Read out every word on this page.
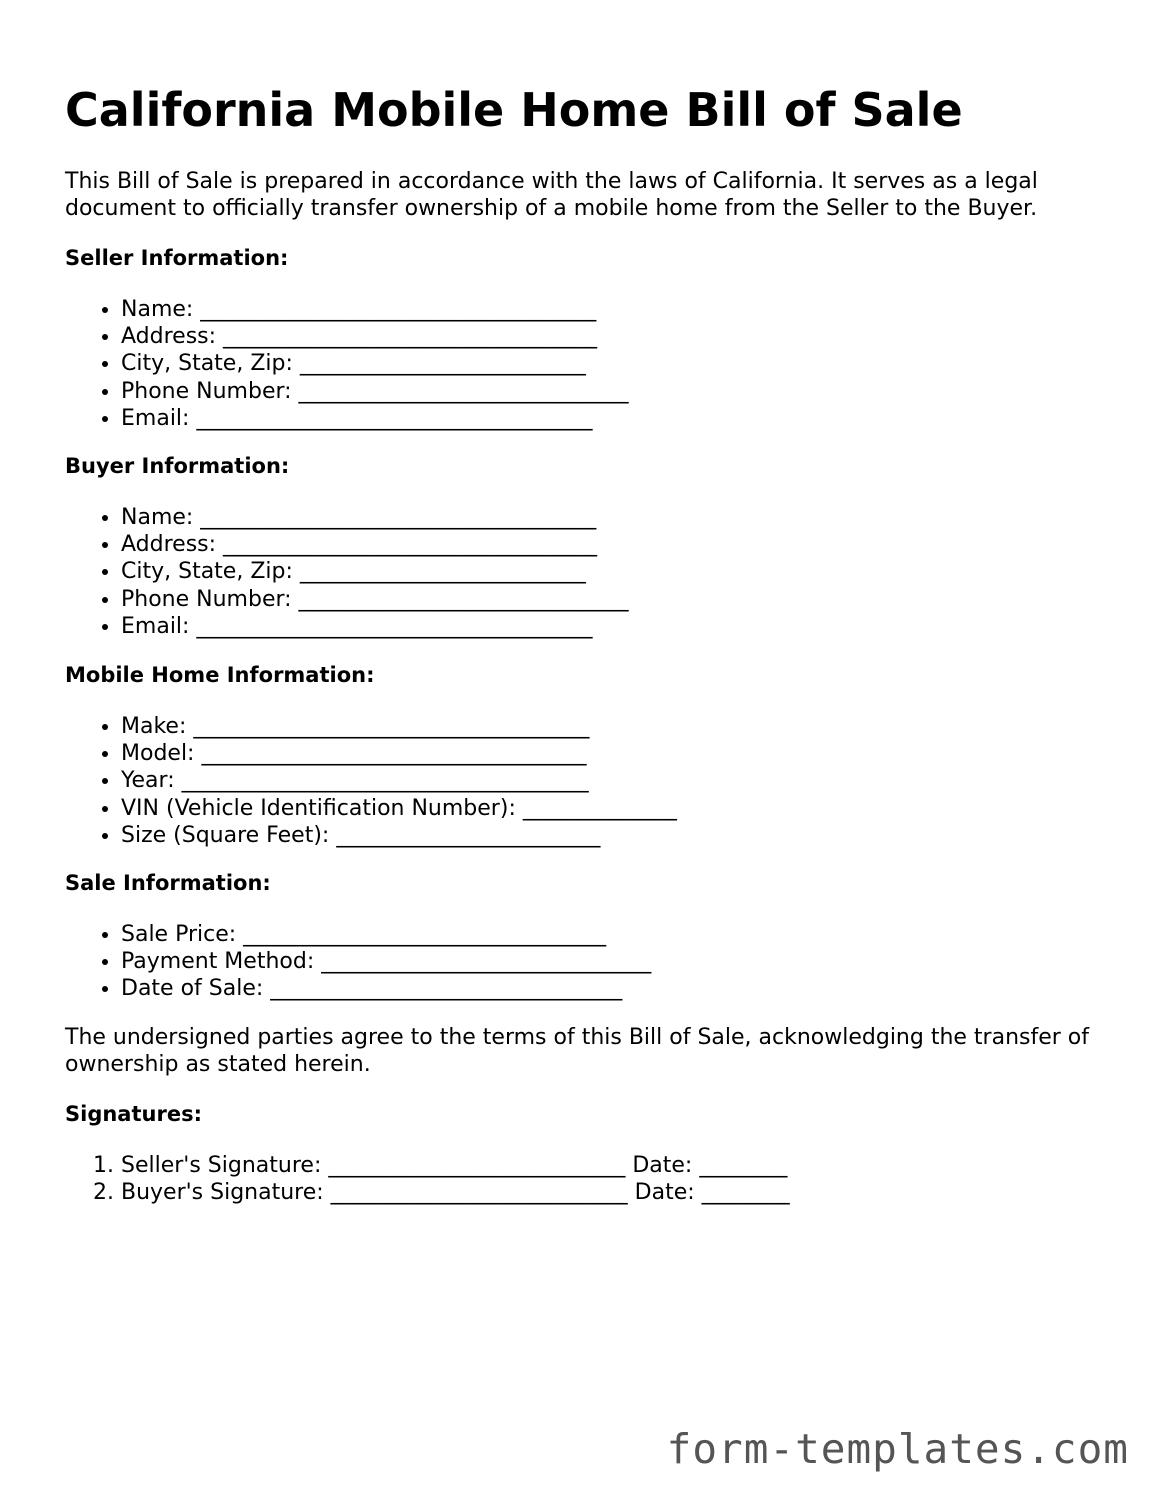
California Mobile Home Bill of Sale

This Bill of Sale is prepared in accordance with the laws of California. It serves as a legal document to officially transfer ownership of a mobile home from the Seller to the Buyer.

Seller Information:
• Name: ____________________________________
• Address: __________________________________
• City, State, Zip: __________________________
• Phone Number: ______________________________
• Email: ____________________________________
Buyer Information:
• Name: ____________________________________
• Address: __________________________________
• City, State, Zip: __________________________
• Phone Number: ______________________________
• Email: ____________________________________
Mobile Home Information:
• Make: ____________________________________
• Model: ___________________________________
• Year: _____________________________________
• VIN (Vehicle Identification Number): ______________
• Size (Square Feet): ________________________
Sale Information:
• Sale Price: _________________________________
• Payment Method: ______________________________
• Date of Sale: ________________________________

The undersigned parties agree to the terms of this Bill of Sale, acknowledging the transfer of ownership as stated herein.

Signatures:
1. Seller's Signature: ___________________________ Date: ________
2. Buyer's Signature: ___________________________ Date: ________
form-templates.com
